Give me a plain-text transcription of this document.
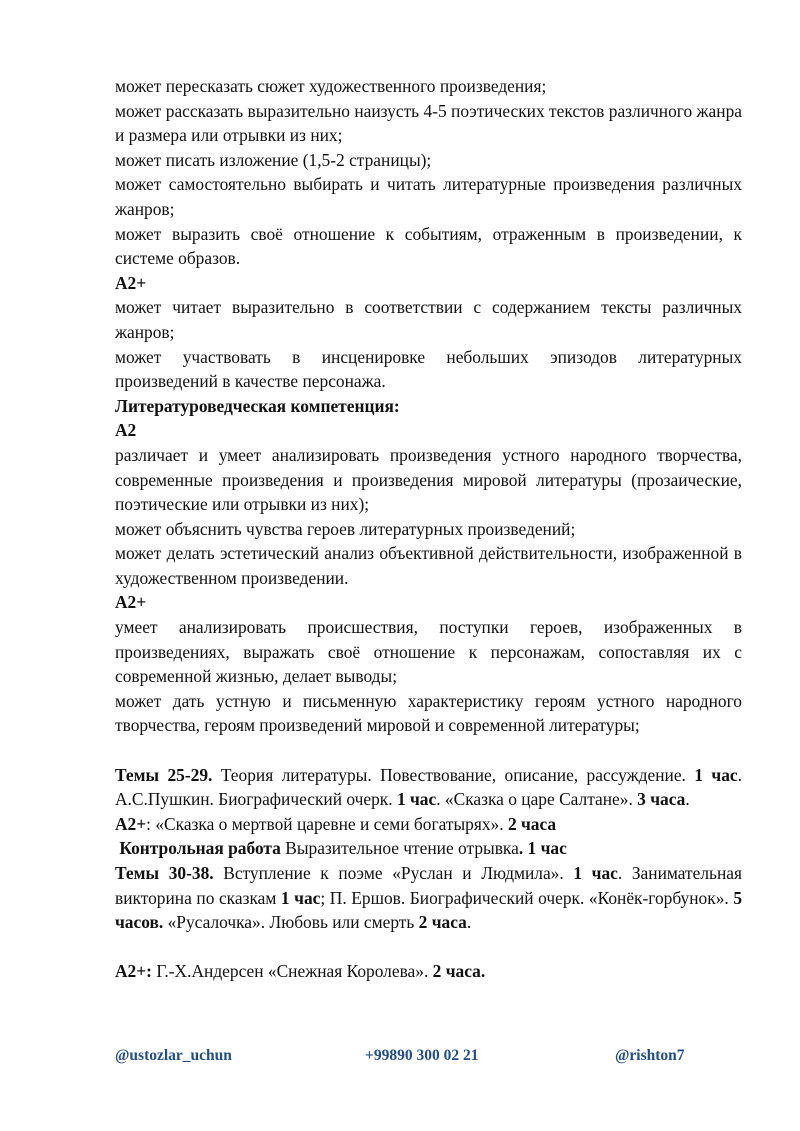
может пересказать сюжет художественного произведения;

может рассказать выразительно наизусть 4-5 поэтических текстов различного жанра и размера или отрывки из них;

может писать изложение (1,5-2 страницы);

может самостоятельно выбирать и читать литературные произведения различных жанров;

может выразить своё отношение к событиям, отраженным в произведении, к системе образов.

A2+

может читает выразительно в соответствии с содержанием тексты различных жанров;

может участвовать в инсценировке небольших эпизодов литературных произведений в качестве персонажа.

Литературоведческая компетенция:

A2

различает и умеет анализировать произведения устного народного творчества, современные произведения и произведения мировой литературы (прозаические, поэтические или отрывки из них);

может объяснить чувства героев литературных произведений;

может делать эстетический анализ объективной действительности, изображенной в художественном произведении.

A2+

умеет анализировать происшествия, поступки героев, изображенных в произведениях, выражать своё отношение к персонажам, сопоставляя их с современной жизнью, делает выводы;

может дать устную и письменную характеристику героям устного народного творчества, героям произведений мировой и современной литературы;

Темы 25-29. Теория литературы. Повествование, описание, рассуждение. 1 час. А.С.Пушкин. Биографический очерк. 1 час. «Сказка о царе Салтане». 3 часа.

A2+: «Сказка о мертвой царевне и семи богатырях». 2 часа

Контрольная работа Выразительное чтение отрывка. 1 час

Темы 30-38. Вступление к поэме «Руслан и Людмила». 1 час. Занимательная викторина по сказкам 1 час; П. Ершов. Биографический очерк. «Конёк-горбунок». 5 часов. «Русалочка». Любовь или смерть 2 часа.

A2+: Г.-Х.Андерсен «Снежная Королева». 2 часа.

@ustozlar_uchun	+99890 300 02 21	@rishton7
